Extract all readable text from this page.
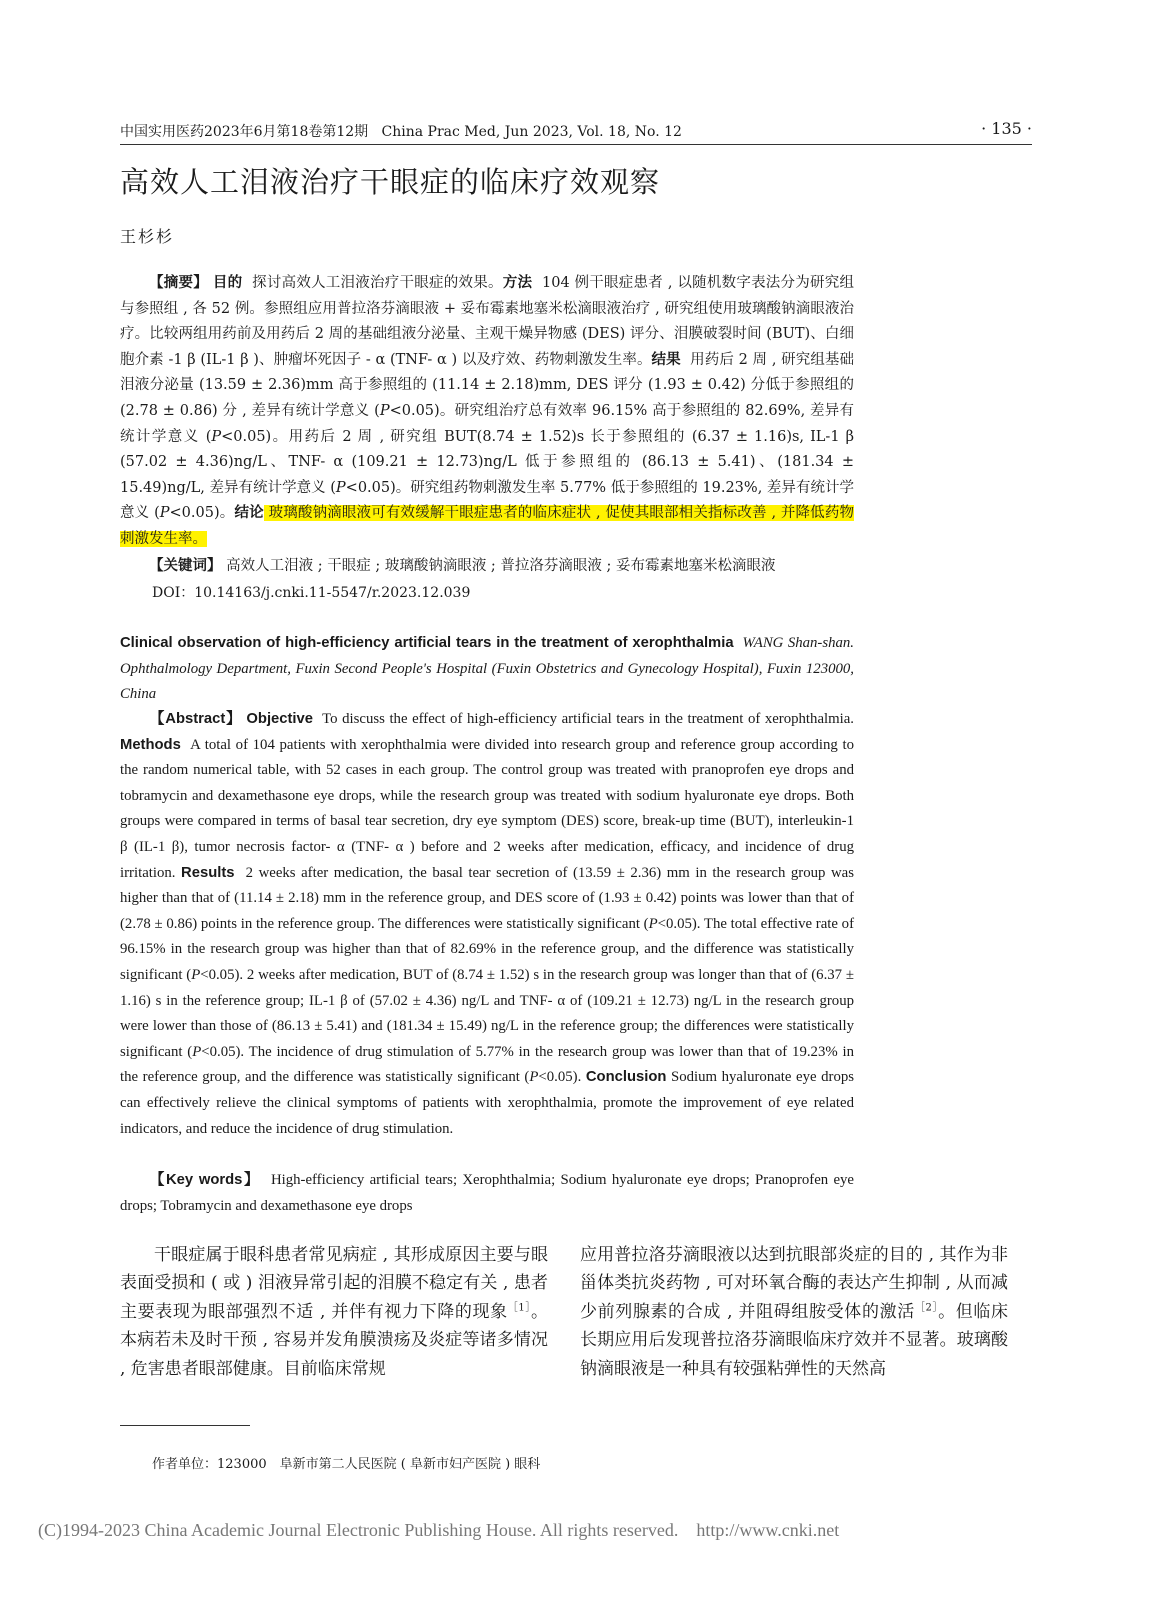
中国实用医药2023年6月第18卷第12期 China Prac Med, Jun 2023, Vol. 18, No. 12	· 135 ·
高效人工泪液治疗干眼症的临床疗效观察
王杉杉

【摘要】 目的 探讨高效人工泪液治疗干眼症的效果。方法 104 例干眼症患者 , 以随机数字表法分为研究组与参照组 , 各 52 例。参照组应用普拉洛芬滴眼液 + 妥布霉素地塞米松滴眼液治疗 , 研究组使用玻璃酸钠滴眼液治疗。比较两组用药前及用药后 2 周的基础组液分泌量、主观干燥异物感 (DES) 评分、泪膜破裂时间 (BUT)、白细胞介素 -1 β (IL-1 β )、肿瘤坏死因子 - α (TNF- α ) 以及疗效、药物刺激发生率。结果 用药后 2 周 , 研究组基础泪液分泌量 (13.59 ± 2.36)mm 高于参照组的 (11.14 ± 2.18)mm, DES 评分 (1.93 ± 0.42) 分低于参照组的 (2.78 ± 0.86) 分 , 差异有统计学意义 (P<0.05)。研究组治疗总有效率 96.15% 高于参照组的 82.69%, 差异有统计学意义 (P<0.05)。用药后 2 周 , 研究组 BUT(8.74 ± 1.52)s 长于参照组的 (6.37 ± 1.16)s, IL-1 β (57.02 ± 4.36)ng/L、TNF- α (109.21 ± 12.73)ng/L 低于参照组的 (86.13 ± 5.41)、(181.34 ± 15.49)ng/L, 差异有统计学意义 (P<0.05)。研究组药物刺激发生率 5.77% 低于参照组的 19.23%, 差异有统计学意义 (P<0.05)。结论 玻璃酸钠滴眼液可有效缓解干眼症患者的临床症状 , 促使其眼部相关指标改善 , 并降低药物刺激发生率。

【关键词】 高效人工泪液 ; 干眼症 ; 玻璃酸钠滴眼液 ; 普拉洛芬滴眼液 ; 妥布霉素地塞米松滴眼液

DOI：10.14163/j.cnki.11-5547/r.2023.12.039
Clinical observation of high-efficiency artificial tears in the treatment of xerophthalmia WANG Shan-shan. Ophthalmology Department, Fuxin Second People's Hospital (Fuxin Obstetrics and Gynecology Hospital), Fuxin 123000, China

【Abstract】 Objective To discuss the effect of high-efficiency artificial tears in the treatment of xerophthalmia. Methods A total of 104 patients with xerophthalmia were divided into research group and reference group according to the random numerical table, with 52 cases in each group. The control group was treated with pranoprofen eye drops and tobramycin and dexamethasone eye drops, while the research group was treated with sodium hyaluronate eye drops. Both groups were compared in terms of basal tear secretion, dry eye symptom (DES) score, break-up time (BUT), interleukin-1 β (IL-1 β), tumor necrosis factor- α (TNF- α ) before and 2 weeks after medication, efficacy, and incidence of drug irritation. Results 2 weeks after medication, the basal tear secretion of (13.59 ± 2.36) mm in the research group was higher than that of (11.14 ± 2.18) mm in the reference group, and DES score of (1.93 ± 0.42) points was lower than that of (2.78 ± 0.86) points in the reference group. The differences were statistically significant (P<0.05). The total effective rate of 96.15% in the research group was higher than that of 82.69% in the reference group, and the difference was statistically significant (P<0.05). 2 weeks after medication, BUT of (8.74 ± 1.52) s in the research group was longer than that of (6.37 ± 1.16) s in the reference group; IL-1 β of (57.02 ± 4.36) ng/L and TNF- α of (109.21 ± 12.73) ng/L in the research group were lower than those of (86.13 ± 5.41) and (181.34 ± 15.49) ng/L in the reference group; the differences were statistically significant (P<0.05). The incidence of drug stimulation of 5.77% in the research group was lower than that of 19.23% in the reference group, and the difference was statistically significant (P<0.05). Conclusion Sodium hyaluronate eye drops can effectively relieve the clinical symptoms of patients with xerophthalmia, promote the improvement of eye related indicators, and reduce the incidence of drug stimulation.

【Key words】 High-efficiency artificial tears; Xerophthalmia; Sodium hyaluronate eye drops; Pranoprofen eye drops; Tobramycin and dexamethasone eye drops

干眼症属于眼科患者常见病症 , 其形成原因主要与眼表面受损和 ( 或 ) 泪液异常引起的泪膜不稳定有关 , 患者主要表现为眼部强烈不适 , 并伴有视力下降的现象$^{[1]}$。本病若未及时干预 , 容易并发角膜溃疡及炎症等诸多情况 , 危害患者眼部健康。目前临床常规

应用普拉洛芬滴眼液以达到抗眼部炎症的目的 , 其作为非甾体类抗炎药物 , 可对环氧合酶的表达产生抑制 , 从而减少前列腺素的合成 , 并阻碍组胺受体的激活$^{[2]}$。但临床长期应用后发现普拉洛芬滴眼临床疗效并不显著。玻璃酸钠滴眼液是一种具有较强粘弹性的天然高

作者单位：123000　阜新市第二人民医院 ( 阜新市妇产医院 ) 眼科
(C)1994-2023 China Academic Journal Electronic Publishing House. All rights reserved.　http://www.cnki.net
